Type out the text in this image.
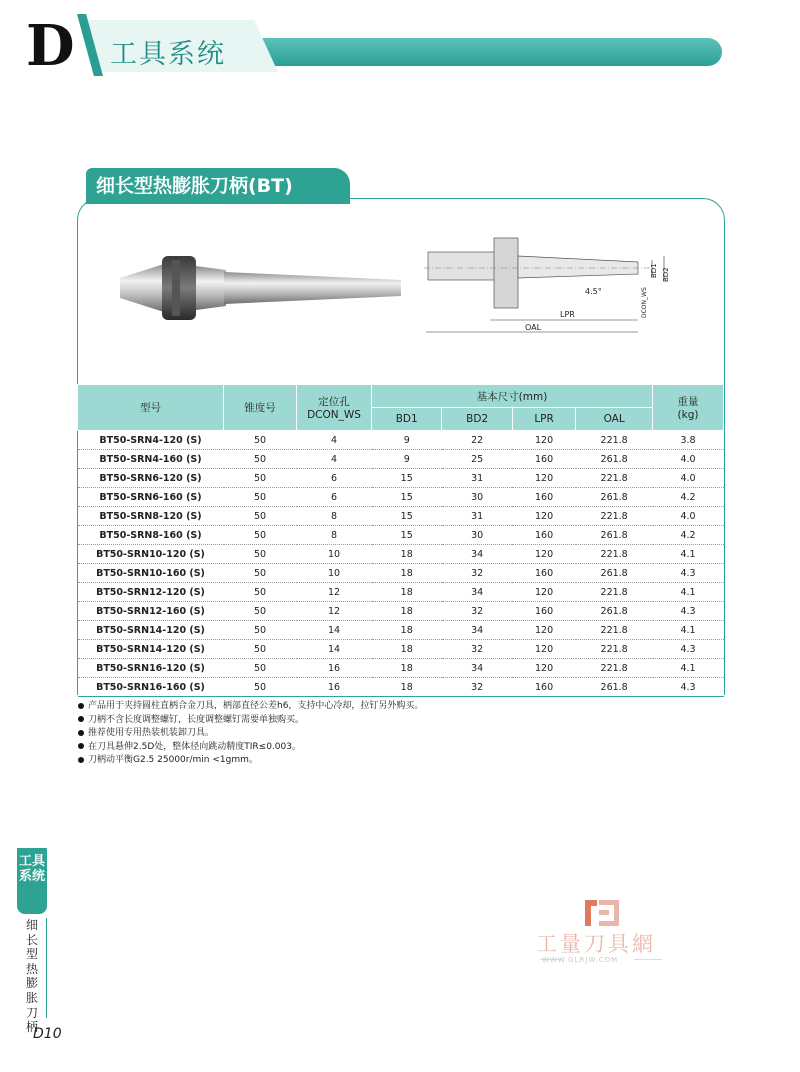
D 工具系统
细长型热膨胀刀柄(BT)
4.5°
LPR
OAL
BD1 BD2
DCON_WS
型号	锥度号	定位孔
DCON_WS	基本尺寸(mm)				重量
(kg)
			BD1	BD2	LPR	OAL	
BT50-SRN4-120 (S)	50	4	9	22	120	221.8	3.8
BT50-SRN4-160 (S)	50	4	9	25	160	261.8	4.0
BT50-SRN6-120 (S)	50	6	15	31	120	221.8	4.0
BT50-SRN6-160 (S)	50	6	15	30	160	261.8	4.2
BT50-SRN8-120 (S)	50	8	15	31	120	221.8	4.0
BT50-SRN8-160 (S)	50	8	15	30	160	261.8	4.2
BT50-SRN10-120 (S)	50	10	18	34	120	221.8	4.1
BT50-SRN10-160 (S)	50	10	18	32	160	261.8	4.3
BT50-SRN12-120 (S)	50	12	18	34	120	221.8	4.1
BT50-SRN12-160 (S)	50	12	18	32	160	261.8	4.3
BT50-SRN14-120 (S)	50	14	18	34	120	221.8	4.1
BT50-SRN14-120 (S)	50	14	18	32	120	221.8	4.3
BT50-SRN16-120 (S)	50	16	18	34	120	221.8	4.1
BT50-SRN16-160 (S)	50	16	18	32	160	261.8	4.3
产品用于夹持圆柱直柄合金刀具，柄部直径公差h6，支持中心冷却，拉钉另外购买。
刀柄不含长度调整螺钉，长度调整螺钉需要单独购买。
推荐使用专用热装机装卸刀具。
在刀具悬伸2.5D处，整体径向跳动精度TIR≤0.003。
刀柄动平衡G2.5 25000r/min <1gmm。
工具系统
细长型热膨胀刀柄
D10
工量刀具網
WWW.GLRJW.COM
